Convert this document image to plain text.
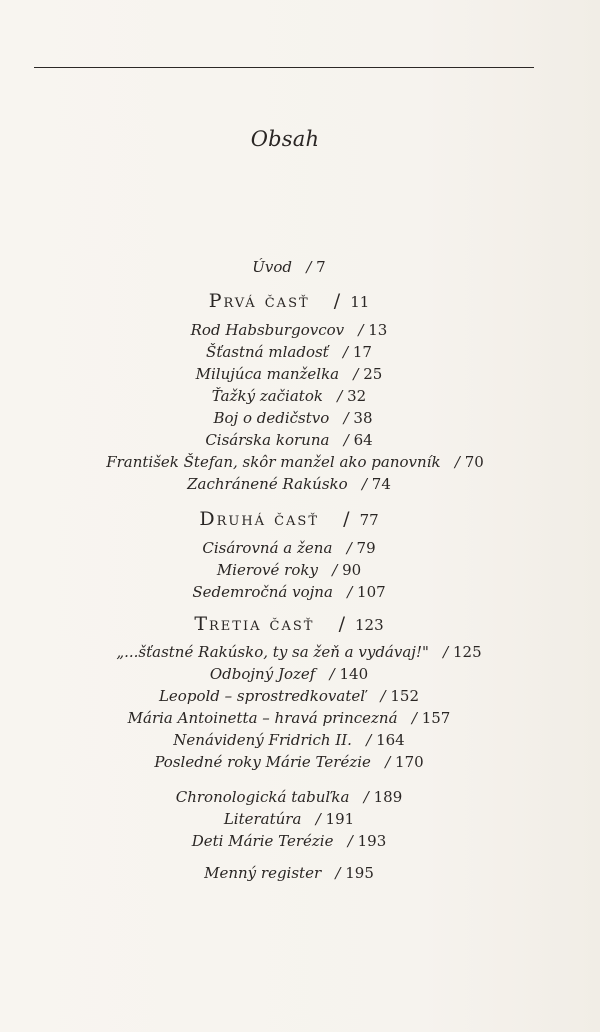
Obsah
Úvod   / 7
Prvá časť   / 11
Rod Habsburgovcov   / 13
Šťastná mladosť   / 17
Milujúca manželka   / 25
Ťažký začiatok   / 32
Boj o dedičstvo   / 38
Cisárska koruna   / 64
František Štefan, skôr manžel ako panovník   / 70
Zachránené Rakúsko   / 74
Druhá časť   / 77
Cisárovná a žena   / 79
Mierové roky   / 90
Sedemročná vojna   / 107
Tretia časť   / 123
„...šťastné Rakúsko, ty sa žeň a vydávaj!"   / 125
Odbojný Jozef   / 140
Leopold – sprostredkovateľ   / 152
Mária Antoinetta – hravá princezná   / 157
Nenávidený Fridrich II.   / 164
Posledné roky Márie Terézie   / 170
Chronologická tabuľka   / 189
Literatúra   / 191
Deti Márie Terézie   / 193
Menný register   / 195
